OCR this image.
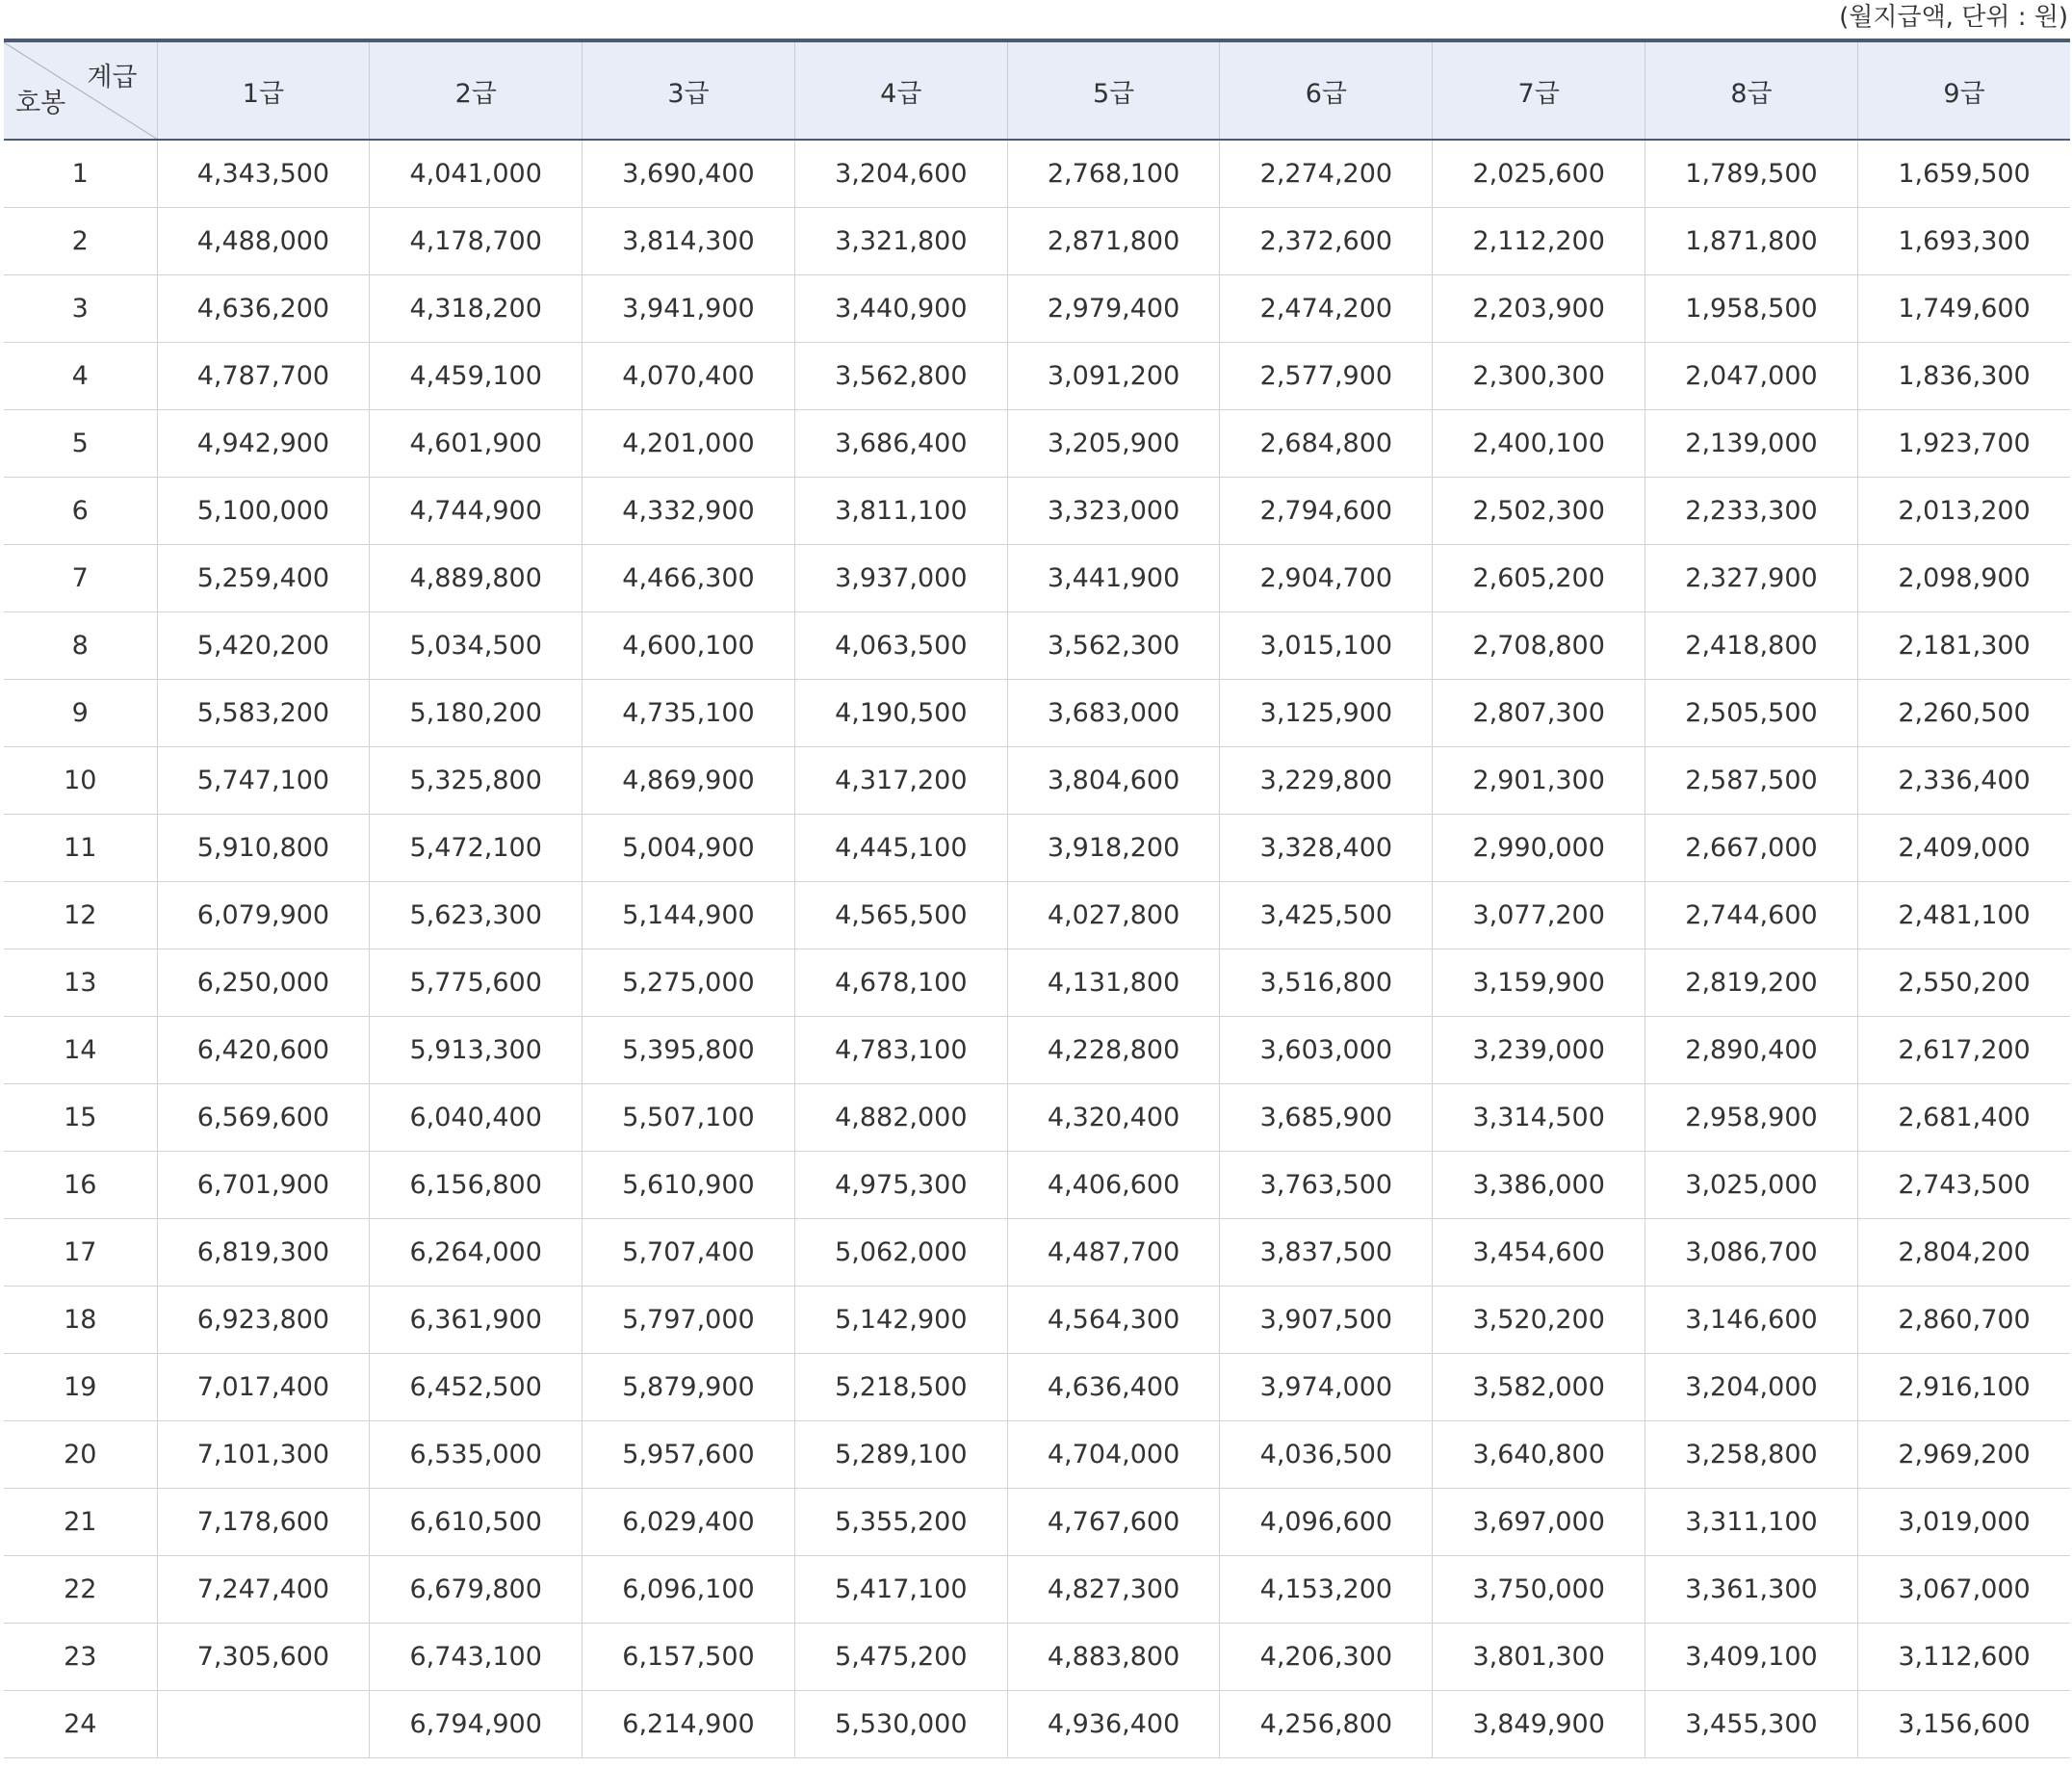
(월지급액, 단위 : 원)
계급
호봉	1급	2급	3급	4급	5급	6급	7급	8급	9급
1	4,343,500	4,041,000	3,690,400	3,204,600	2,768,100	2,274,200	2,025,600	1,789,500	1,659,500
2	4,488,000	4,178,700	3,814,300	3,321,800	2,871,800	2,372,600	2,112,200	1,871,800	1,693,300
3	4,636,200	4,318,200	3,941,900	3,440,900	2,979,400	2,474,200	2,203,900	1,958,500	1,749,600
4	4,787,700	4,459,100	4,070,400	3,562,800	3,091,200	2,577,900	2,300,300	2,047,000	1,836,300
5	4,942,900	4,601,900	4,201,000	3,686,400	3,205,900	2,684,800	2,400,100	2,139,000	1,923,700
6	5,100,000	4,744,900	4,332,900	3,811,100	3,323,000	2,794,600	2,502,300	2,233,300	2,013,200
7	5,259,400	4,889,800	4,466,300	3,937,000	3,441,900	2,904,700	2,605,200	2,327,900	2,098,900
8	5,420,200	5,034,500	4,600,100	4,063,500	3,562,300	3,015,100	2,708,800	2,418,800	2,181,300
9	5,583,200	5,180,200	4,735,100	4,190,500	3,683,000	3,125,900	2,807,300	2,505,500	2,260,500
10	5,747,100	5,325,800	4,869,900	4,317,200	3,804,600	3,229,800	2,901,300	2,587,500	2,336,400
11	5,910,800	5,472,100	5,004,900	4,445,100	3,918,200	3,328,400	2,990,000	2,667,000	2,409,000
12	6,079,900	5,623,300	5,144,900	4,565,500	4,027,800	3,425,500	3,077,200	2,744,600	2,481,100
13	6,250,000	5,775,600	5,275,000	4,678,100	4,131,800	3,516,800	3,159,900	2,819,200	2,550,200
14	6,420,600	5,913,300	5,395,800	4,783,100	4,228,800	3,603,000	3,239,000	2,890,400	2,617,200
15	6,569,600	6,040,400	5,507,100	4,882,000	4,320,400	3,685,900	3,314,500	2,958,900	2,681,400
16	6,701,900	6,156,800	5,610,900	4,975,300	4,406,600	3,763,500	3,386,000	3,025,000	2,743,500
17	6,819,300	6,264,000	5,707,400	5,062,000	4,487,700	3,837,500	3,454,600	3,086,700	2,804,200
18	6,923,800	6,361,900	5,797,000	5,142,900	4,564,300	3,907,500	3,520,200	3,146,600	2,860,700
19	7,017,400	6,452,500	5,879,900	5,218,500	4,636,400	3,974,000	3,582,000	3,204,000	2,916,100
20	7,101,300	6,535,000	5,957,600	5,289,100	4,704,000	4,036,500	3,640,800	3,258,800	2,969,200
21	7,178,600	6,610,500	6,029,400	5,355,200	4,767,600	4,096,600	3,697,000	3,311,100	3,019,000
22	7,247,400	6,679,800	6,096,100	5,417,100	4,827,300	4,153,200	3,750,000	3,361,300	3,067,000
23	7,305,600	6,743,100	6,157,500	5,475,200	4,883,800	4,206,300	3,801,300	3,409,100	3,112,600
24		6,794,900	6,214,900	5,530,000	4,936,400	4,256,800	3,849,900	3,455,300	3,156,600
